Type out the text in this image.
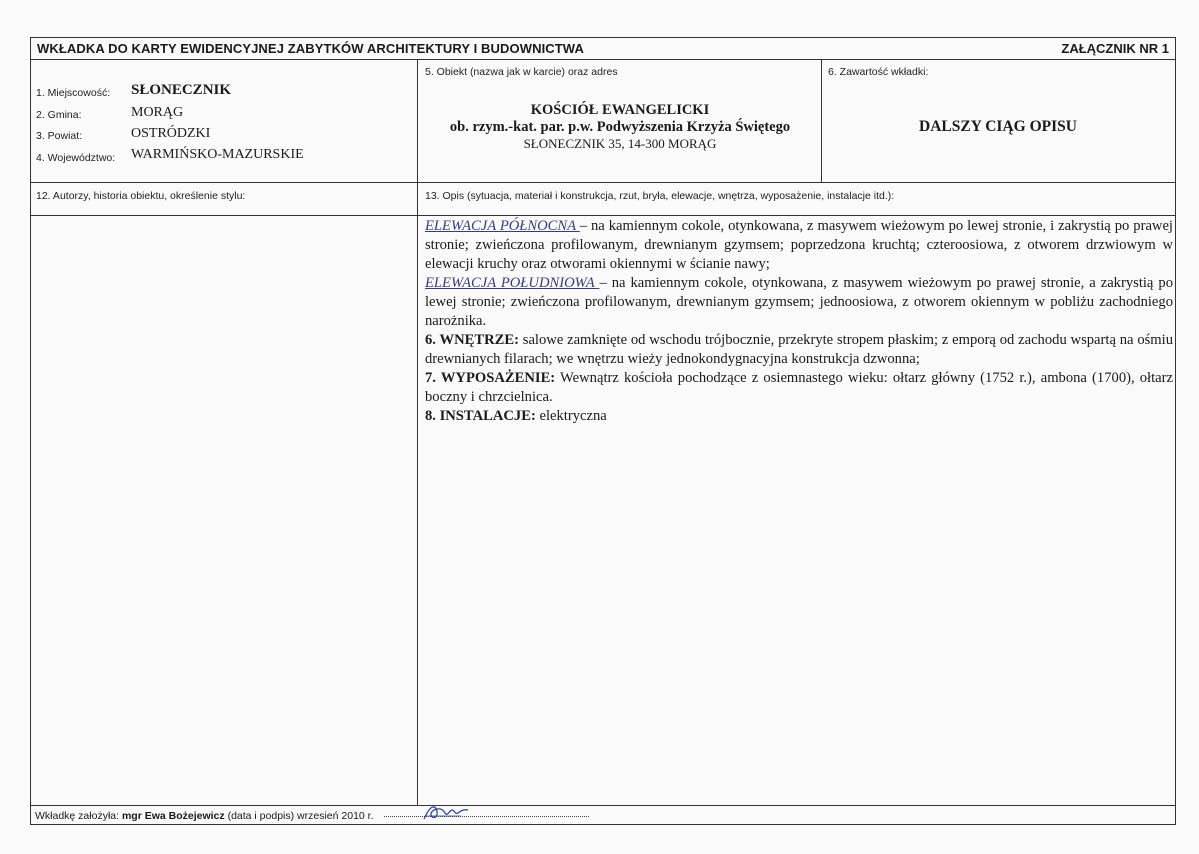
WKŁADKA DO KARTY EWIDENCYJNEJ ZABYTKÓW ARCHITEKTURY I BUDOWNICTWA	ZAŁĄCZNIK NR 1
1. Miejscowość: SŁONECZNIK
2. Gmina:	MORĄG
3. Powiat:	OSTRÓDZKI
4. Województwo: WARMIŃSKO-MAZURSKIE
5. Obiekt (nazwa jak w karcie) oraz adres
KOŚCIÓŁ EWANGELICKI
ob. rzym.-kat. par. p.w. Podwyższenia Krzyża Świętego
SŁONECZNIK 35, 14-300 MORĄG
6. Zawartość wkładki:
DALSZY CIĄG OPISU
12. Autorzy, historia obiektu, określenie stylu:	13. Opis (sytuacja, materiał i konstrukcja, rzut, bryła, elewacje, wnętrza, wyposażenie, instalacje itd.):

ELEWACJA PÓŁNOCNA – na kamiennym cokole, otynkowana, z masywem wieżowym po lewej stronie, i zakrystią po prawej stronie; zwieńczona profilowanym, drewnianym gzymsem; poprzedzona kruchtą; czteroosiowa, z otworem drzwiowym w elewacji kruchy oraz otworami okiennymi w ścianie nawy;

ELEWACJA POŁUDNIOWA – na kamiennym cokole, otynkowana, z masywem wieżowym po prawej stronie, a zakrystią po lewej stronie; zwieńczona profilowanym, drewnianym gzymsem; jednoosiowa, z otworem okiennym w pobliżu zachodniego narożnika.

6. WNĘTRZE: salowe zamknięte od wschodu trójbocznie, przekryte stropem płaskim; z emporą od zachodu wspartą na ośmiu drewnianych filarach; we wnętrzu wieży jednokondygnacyjna konstrukcja dzwonna;

7. WYPOSAŻENIE: Wewnątrz kościoła pochodzące z osiemnastego wieku: ołtarz główny (1752 r.), ambona (1700), ołtarz boczny i chrzcielnica.

8. INSTALACJE: elektryczna

Wkładkę założyła: mgr Ewa Bożejewicz (data i podpis) wrzesień 2010 r.
